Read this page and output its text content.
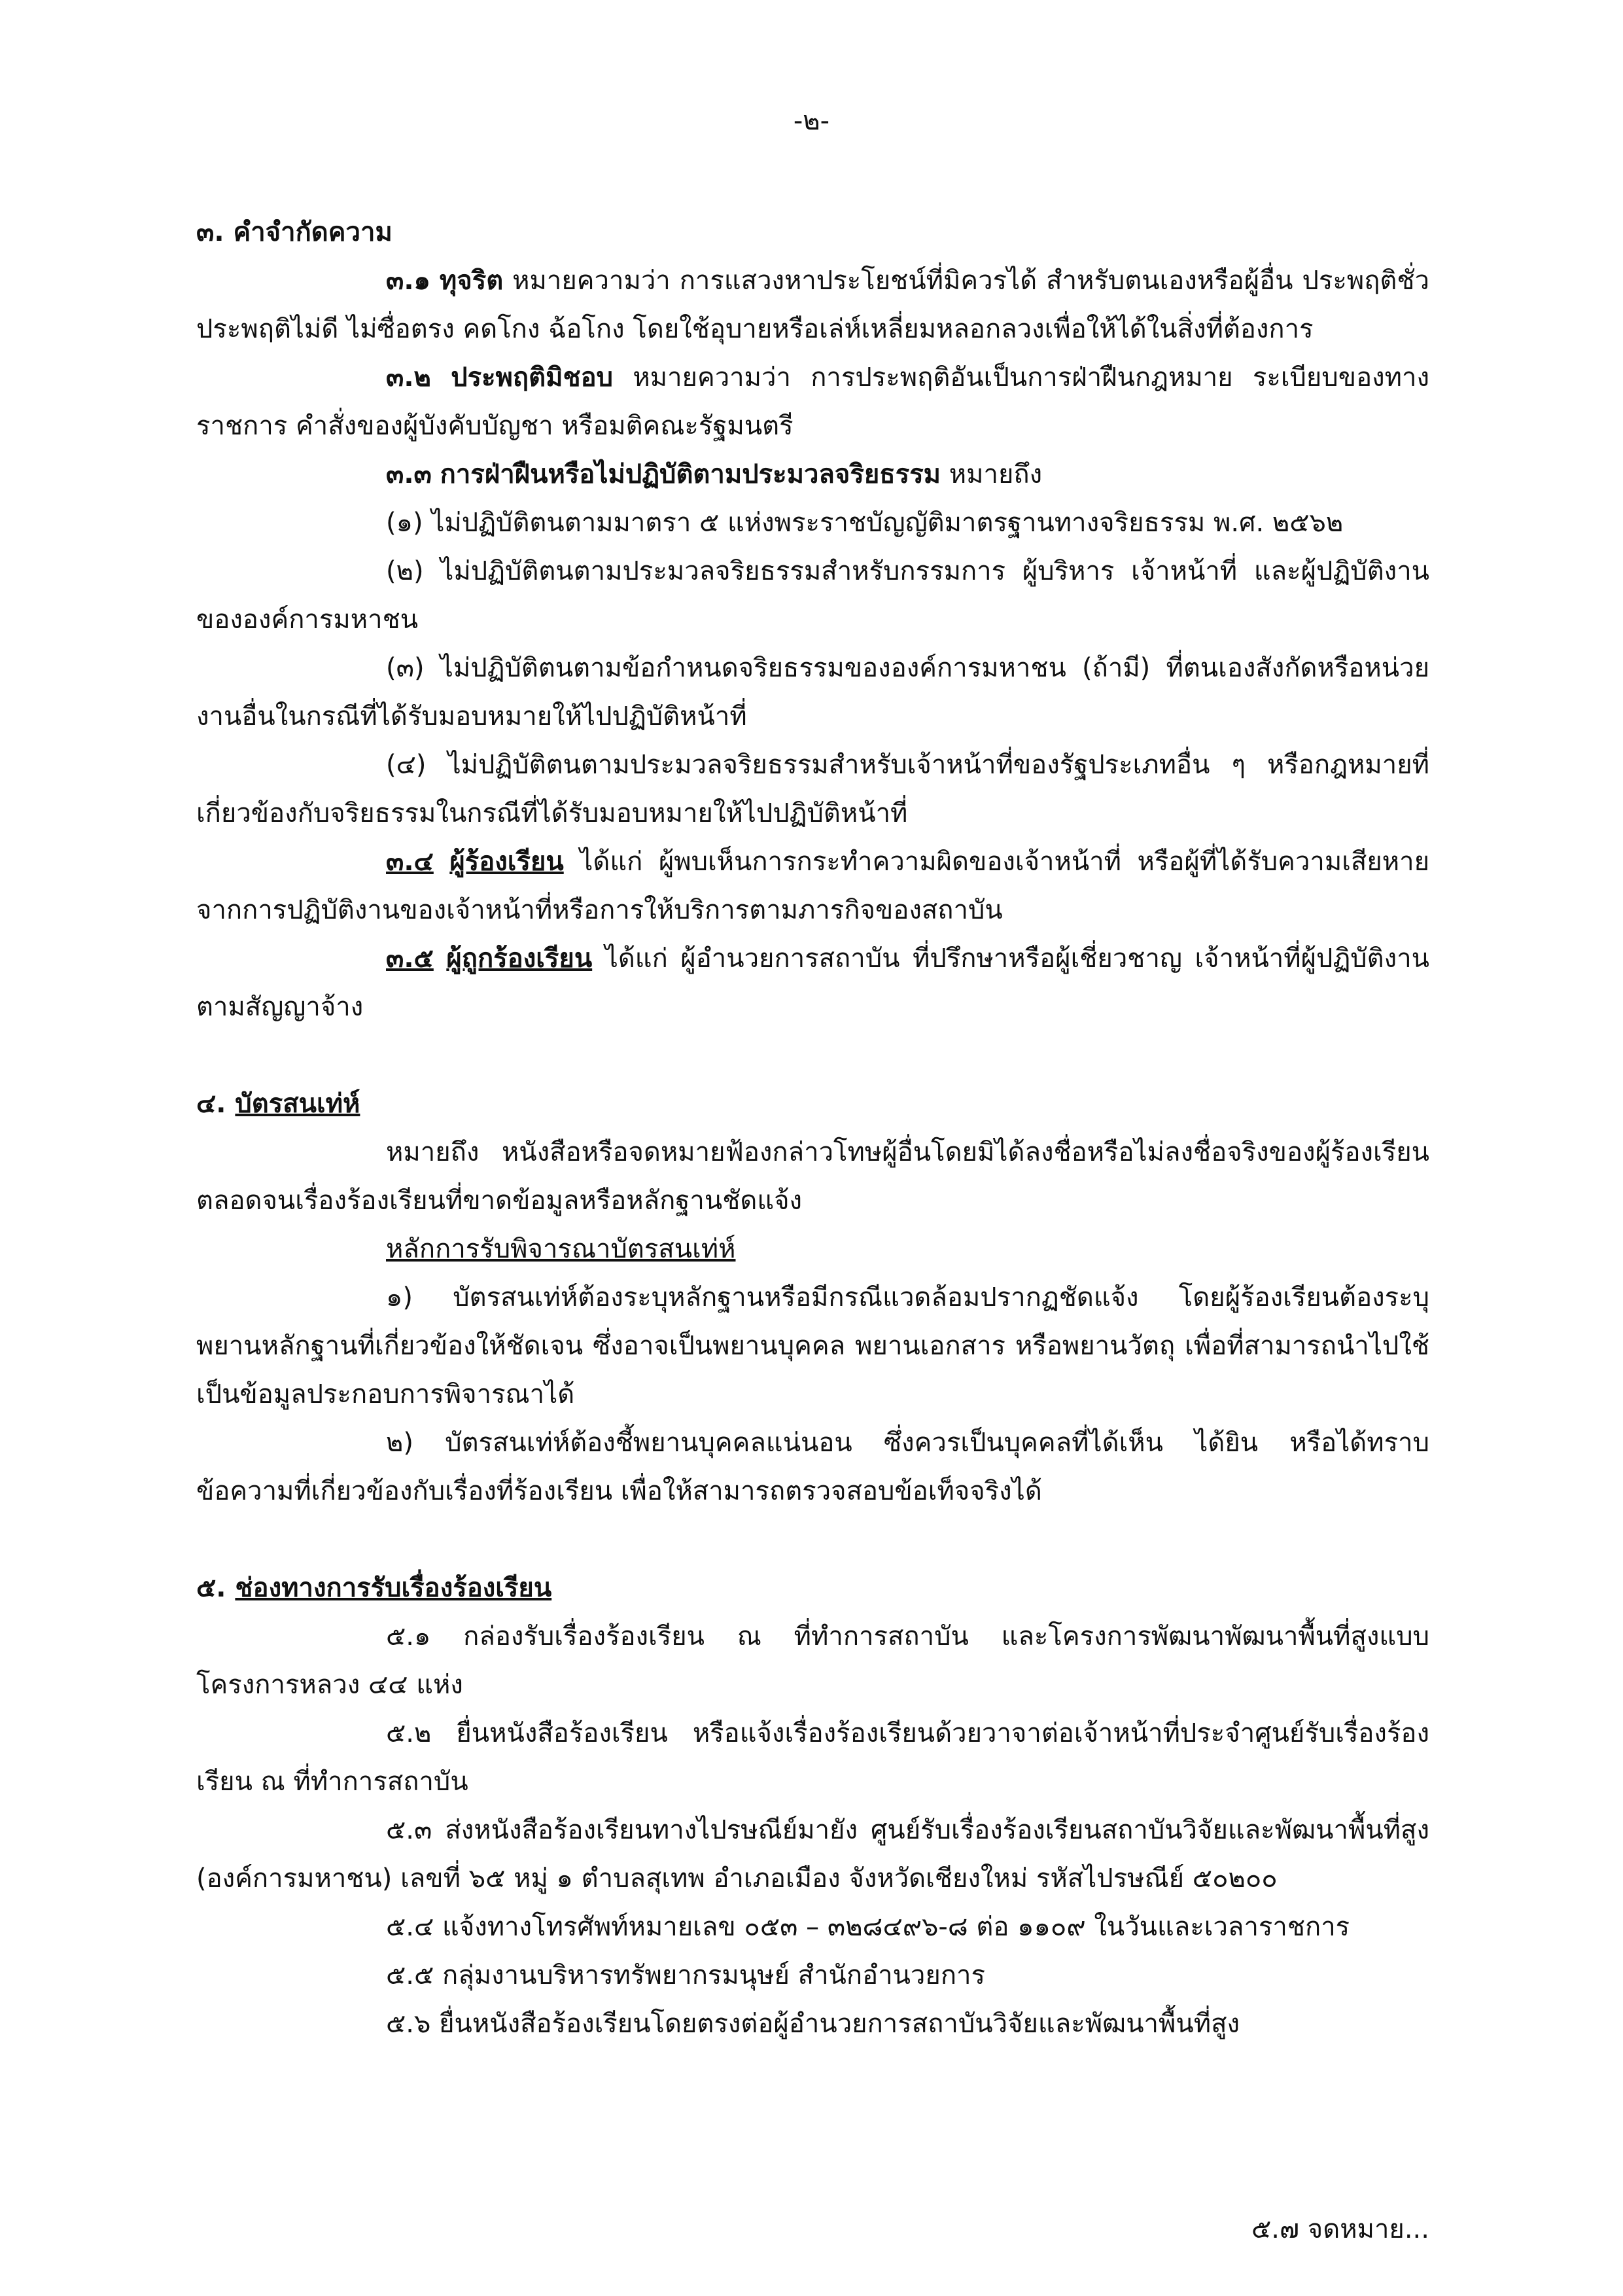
-๒-

๓. คำจำกัดความ

๓.๑ ทุจริต หมายความว่า การแสวงหาประโยชน์ที่มิควรได้ สำหรับตนเองหรือผู้อื่น ประพฤติชั่ว ประพฤติไม่ดี ไม่ซื่อตรง คดโกง ฉ้อโกง โดยใช้อุบายหรือเล่ห์เหลี่ยมหลอกลวงเพื่อให้ได้ในสิ่งที่ต้องการ

๓.๒ ประพฤติมิชอบ หมายความว่า การประพฤติอันเป็นการฝ่าฝืนกฎหมาย ระเบียบของทางราชการ คำสั่งของผู้บังคับบัญชา หรือมติคณะรัฐมนตรี

๓.๓ การฝ่าฝืนหรือไม่ปฏิบัติตามประมวลจริยธรรม หมายถึง

(๑) ไม่ปฏิบัติตนตามมาตรา ๕ แห่งพระราชบัญญัติมาตรฐานทางจริยธรรม พ.ศ. ๒๕๖๒

(๒) ไม่ปฏิบัติตนตามประมวลจริยธรรมสำหรับกรรมการ ผู้บริหาร เจ้าหน้าที่ และผู้ปฏิบัติงานขององค์การมหาชน

(๓) ไม่ปฏิบัติตนตามข้อกำหนดจริยธรรมขององค์การมหาชน (ถ้ามี) ที่ตนเองสังกัดหรือหน่วยงานอื่นในกรณีที่ได้รับมอบหมายให้ไปปฏิบัติหน้าที่

(๔) ไม่ปฏิบัติตนตามประมวลจริยธรรมสำหรับเจ้าหน้าที่ของรัฐประเภทอื่น ๆ หรือกฎหมายที่เกี่ยวข้องกับจริยธรรมในกรณีที่ได้รับมอบหมายให้ไปปฏิบัติหน้าที่

๓.๔ ผู้ร้องเรียน ได้แก่ ผู้พบเห็นการกระทำความผิดของเจ้าหน้าที่ หรือผู้ที่ได้รับความเสียหายจากการปฏิบัติงานของเจ้าหน้าที่หรือการให้บริการตามภารกิจของสถาบัน

๓.๕ ผู้ถูกร้องเรียน ได้แก่ ผู้อำนวยการสถาบัน ที่ปรึกษาหรือผู้เชี่ยวชาญ เจ้าหน้าที่ผู้ปฏิบัติงานตามสัญญาจ้าง

๔. บัตรสนเท่ห์

หมายถึง หนังสือหรือจดหมายฟ้องกล่าวโทษผู้อื่นโดยมิได้ลงชื่อหรือไม่ลงชื่อจริงของผู้ร้องเรียนตลอดจนเรื่องร้องเรียนที่ขาดข้อมูลหรือหลักฐานชัดแจ้ง

หลักการรับพิจารณาบัตรสนเท่ห์

๑) บัตรสนเท่ห์ต้องระบุหลักฐานหรือมีกรณีแวดล้อมปรากฏชัดแจ้ง โดยผู้ร้องเรียนต้องระบุพยานหลักฐานที่เกี่ยวข้องให้ชัดเจน ซึ่งอาจเป็นพยานบุคคล พยานเอกสาร หรือพยานวัตถุ เพื่อที่สามารถนำไปใช้เป็นข้อมูลประกอบการพิจารณาได้

๒) บัตรสนเท่ห์ต้องชี้พยานบุคคลแน่นอน ซึ่งควรเป็นบุคคลที่ได้เห็น ได้ยิน หรือได้ทราบข้อความที่เกี่ยวข้องกับเรื่องที่ร้องเรียน เพื่อให้สามารถตรวจสอบข้อเท็จจริงได้

๕. ช่องทางการรับเรื่องร้องเรียน

๕.๑ กล่องรับเรื่องร้องเรียน ณ ที่ทำการสถาบัน และโครงการพัฒนาพัฒนาพื้นที่สูงแบบโครงการหลวง ๔๔ แห่ง

๕.๒ ยื่นหนังสือร้องเรียน หรือแจ้งเรื่องร้องเรียนด้วยวาจาต่อเจ้าหน้าที่ประจำศูนย์รับเรื่องร้องเรียน ณ ที่ทำการสถาบัน

๕.๓ ส่งหนังสือร้องเรียนทางไปรษณีย์มายัง ศูนย์รับเรื่องร้องเรียนสถาบันวิจัยและพัฒนาพื้นที่สูง (องค์การมหาชน) เลขที่ ๖๕ หมู่ ๑ ตำบลสุเทพ อำเภอเมือง จังหวัดเชียงใหม่ รหัสไปรษณีย์ ๕๐๒๐๐

๕.๔ แจ้งทางโทรศัพท์หมายเลข ๐๕๓ – ๓๒๘๔๙๖-๘ ต่อ ๑๑๐๙ ในวันและเวลาราชการ

๕.๕ กลุ่มงานบริหารทรัพยากรมนุษย์ สำนักอำนวยการ

๕.๖ ยื่นหนังสือร้องเรียนโดยตรงต่อผู้อำนวยการสถาบันวิจัยและพัฒนาพื้นที่สูง

๕.๗ จดหมาย...
